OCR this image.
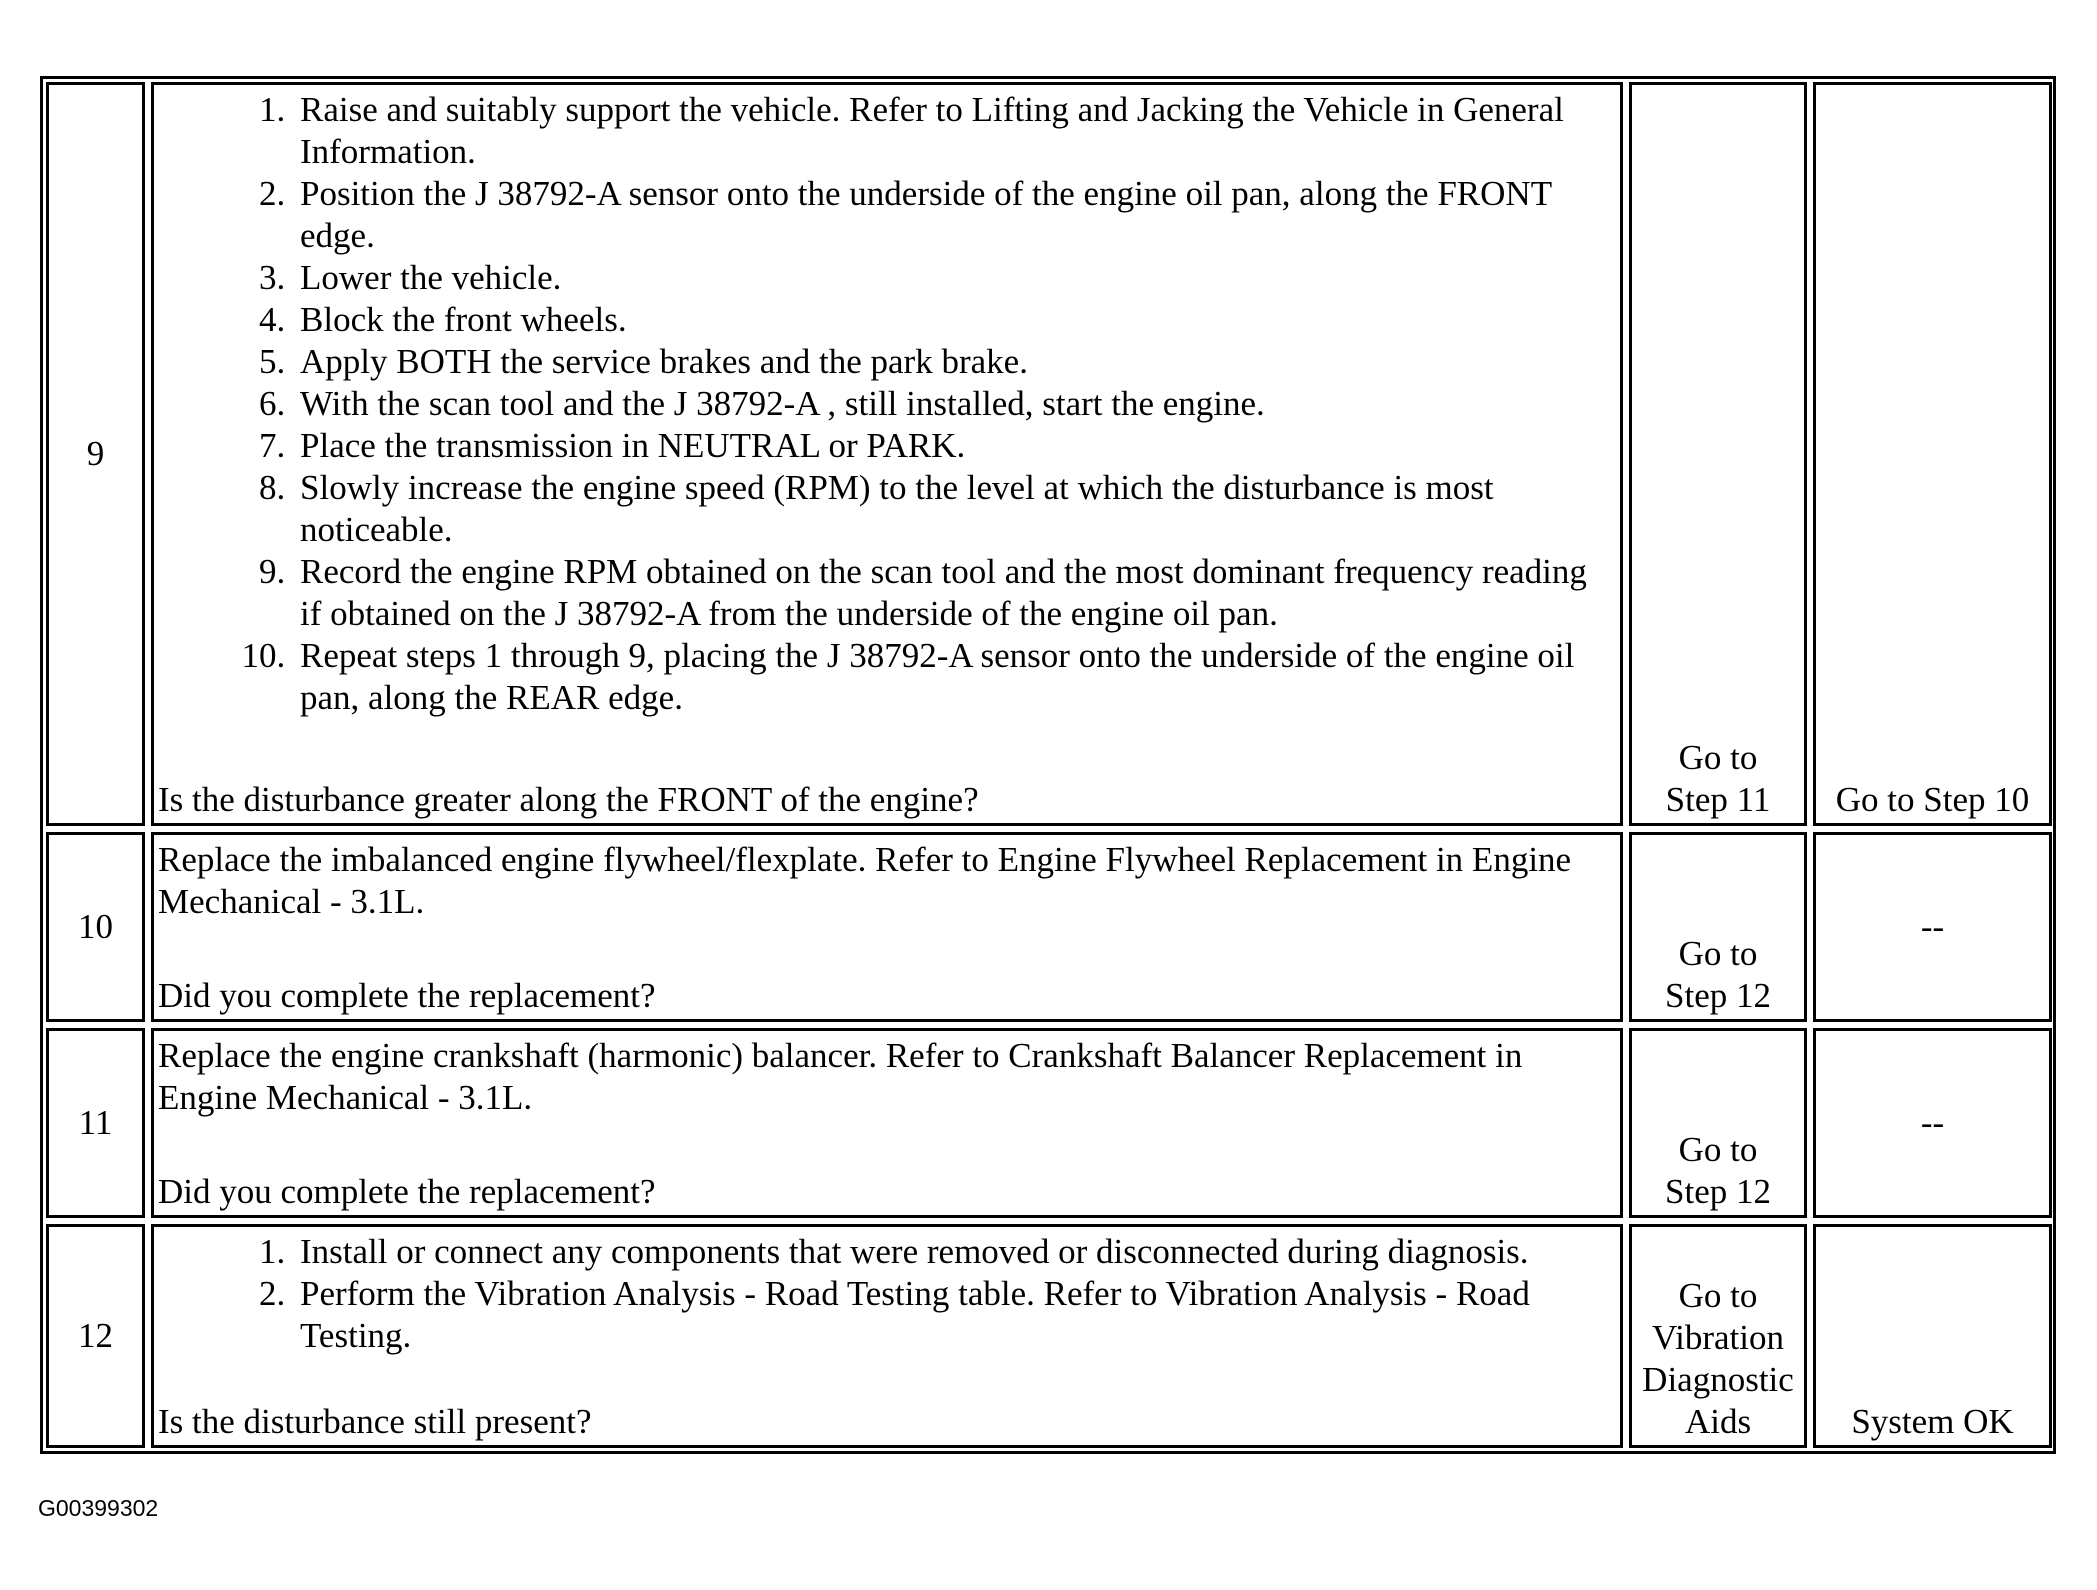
9
1. Raise and suitably support the vehicle. Refer to Lifting and Jacking the Vehicle in General Information.
2. Position the J 38792-A sensor onto the underside of the engine oil pan, along the FRONT edge.
3. Lower the vehicle.
4. Block the front wheels.
5. Apply BOTH the service brakes and the park brake.
6. With the scan tool and the J 38792-A , still installed, start the engine.
7. Place the transmission in NEUTRAL or PARK.
8. Slowly increase the engine speed (RPM) to the level at which the disturbance is most noticeable.
9. Record the engine RPM obtained on the scan tool and the most dominant frequency reading if obtained on the J 38792-A from the underside of the engine oil pan.
10. Repeat steps 1 through 9, placing the J 38792-A sensor onto the underside of the engine oil pan, along the REAR edge.
Is the disturbance greater along the FRONT of the engine?
Go to Step 11 Go to Step 10
10
Replace the imbalanced engine flywheel/flexplate. Refer to Engine Flywheel Replacement in Engine Mechanical - 3.1L.
Did you complete the replacement?
Go to Step 12
--
11
Replace the engine crankshaft (harmonic) balancer. Refer to Crankshaft Balancer Replacement in Engine Mechanical - 3.1L.
Did you complete the replacement?
Go to Step 12
--
12
1. Install or connect any components that were removed or disconnected during diagnosis.
2. Perform the Vibration Analysis - Road Testing table. Refer to Vibration Analysis - Road Testing.
Is the disturbance still present?
Go to Vibration Diagnostic Aids	System OK
G00399302
